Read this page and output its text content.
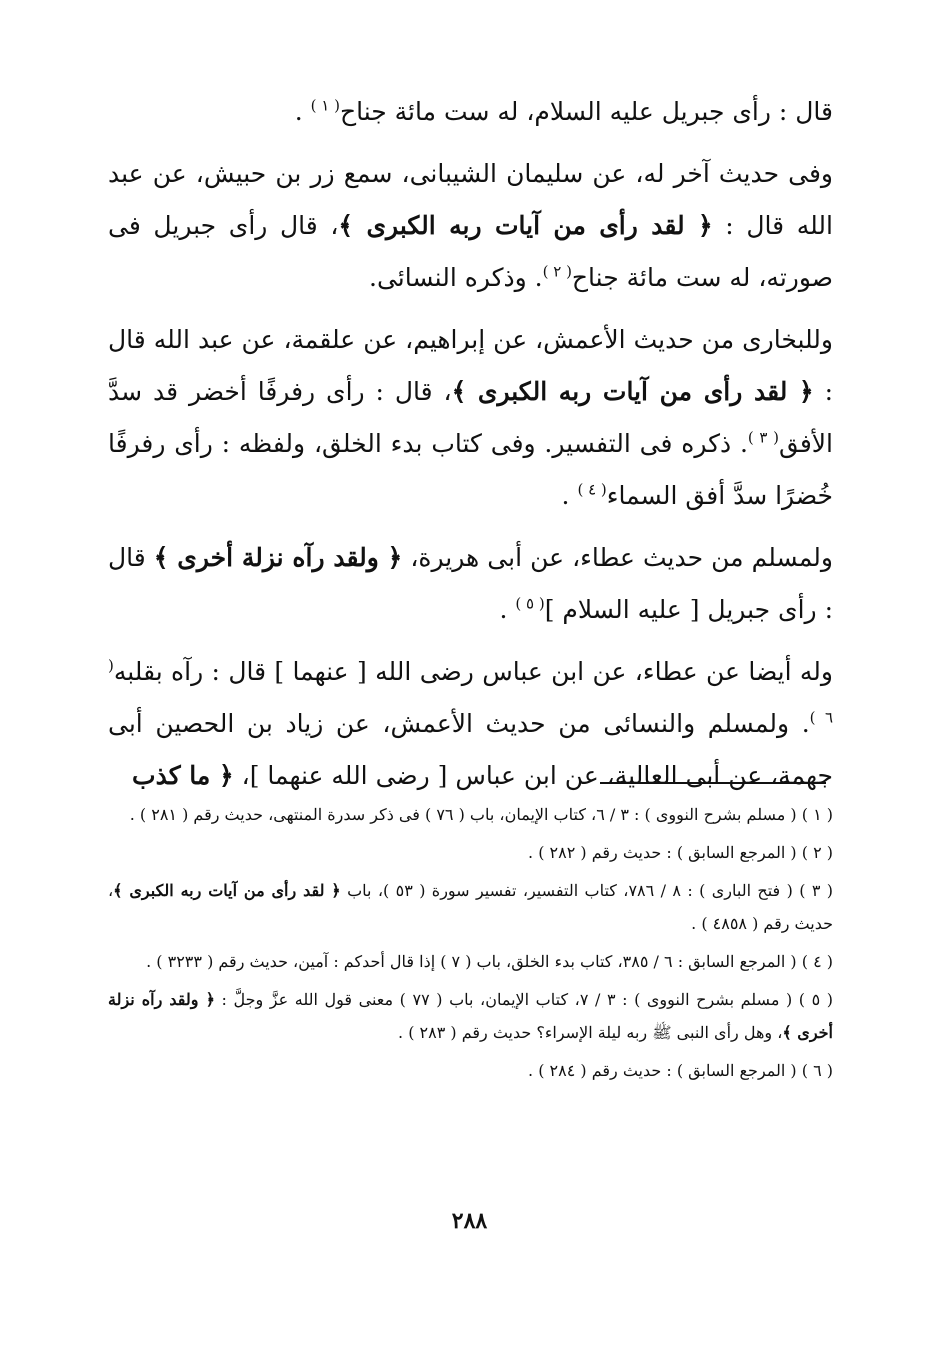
قال : رأى جبريل عليه السلام، له ست مائة جناح$^{( ١ )}$ .

وفى حديث آخر له، عن سليمان الشيبانى، سمع زر بن حبيش، عن عبد الله قال : ﴿ لقد رأى من آيات ربه الكبرى ﴾، قال رأى جبريل فى صورته، له ست مائة جناح$^{( ٢ )}$. وذكره النسائى.

وللبخارى من حديث الأعمش، عن إبراهيم، عن علقمة، عن عبد الله قال : ﴿ لقد رأى من آيات ربه الكبرى ﴾، قال : رأى رفرفًا أخضر قد سدَّ الأفق$^{( ٣ )}$. ذكره فى التفسير. وفى كتاب بدء الخلق، ولفظه : رأى رفرفًا خُضرًا سدَّ أفق السماء$^{( ٤ )}$ .

ولمسلم من حديث عطاء، عن أبى هريرة، ﴿ ولقد رآه نزلة أخرى ﴾ قال : رأى جبريل [ عليه السلام ]$^{( ٥ )}$ .

وله أيضا عن عطاء، عن ابن عباس رضى الله [ عنهما ] قال : رآه بقلبه$^{( ٦ )}$. ولمسلم والنسائى من حديث الأعمش، عن زياد بن الحصين أبى جهمة، عن أبى العالية، عن ابن عباس [ رضى الله عنهما ]، ﴿ ما كذب

( ١ ) ( مسلم بشرح النووى ) : ٣ / ٦، كتاب الإيمان، باب ( ٧٦ ) فى ذكر سدرة المنتهى، حديث رقم ( ٢٨١ ) .

( ٢ ) ( المرجع السابق ) : حديث رقم ( ٢٨٢ ) .

( ٣ ) ( فتح البارى ) : ٨ / ٧٨٦، كتاب التفسير، تفسير سورة ( ٥٣ )، باب ﴿ لقد رأى من آيات ربه الكبرى ﴾، حديث رقم ( ٤٨٥٨ ) .

( ٤ ) ( المرجع السابق : ٦ / ٣٨٥، كتاب بدء الخلق، باب ( ٧ ) إذا قال أحدكم : آمين، حديث رقم ( ٣٢٣٣ ) .

( ٥ ) ( مسلم بشرح النووى ) : ٣ / ٧، كتاب الإيمان، باب ( ٧٧ ) معنى قول الله عزَّ وجلَّ : ﴿ ولقد رآه نزلة أخرى ﴾، وهل رأى النبى ﷺ ربه ليلة الإسراء؟ حديث رقم ( ٢٨٣ ) .

( ٦ ) ( المرجع السابق ) : حديث رقم ( ٢٨٤ ) .

٢٨٨
